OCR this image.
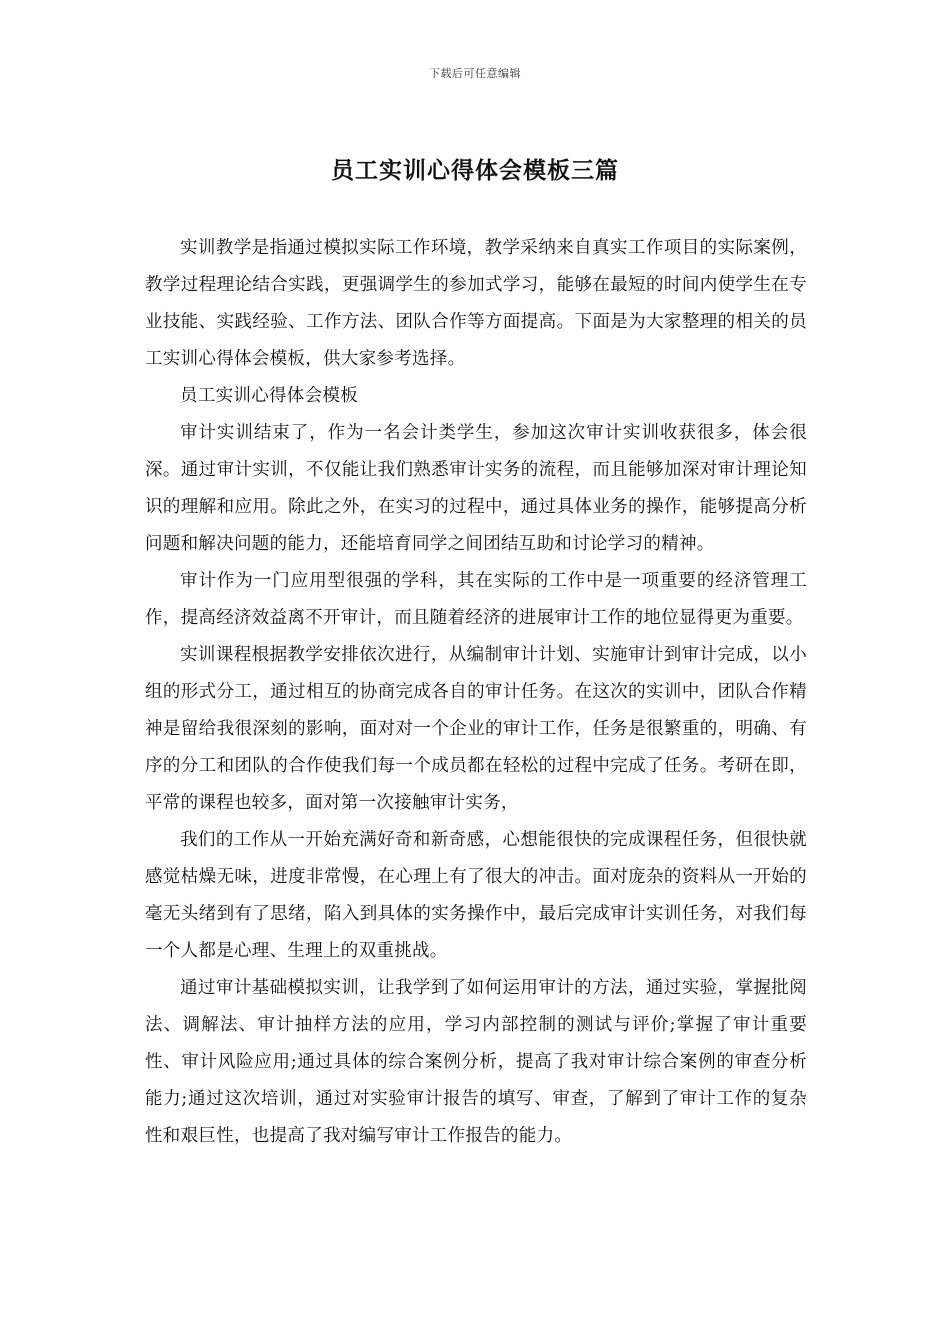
下载后可任意编辑
员工实训心得体会模板三篇

实训教学是指通过模拟实际工作环境，教学采纳来自真实工作项目的实际案例，教学过程理论结合实践，更强调学生的参加式学习，能够在最短的时间内使学生在专业技能、实践经验、工作方法、团队合作等方面提高。下面是为大家整理的相关的员工实训心得体会模板，供大家参考选择。

员工实训心得体会模板

审计实训结束了，作为一名会计类学生，参加这次审计实训收获很多，体会很深。通过审计实训，不仅能让我们熟悉审计实务的流程，而且能够加深对审计理论知识的理解和应用。除此之外，在实习的过程中，通过具体业务的操作，能够提高分析问题和解决问题的能力，还能培育同学之间团结互助和讨论学习的精神。

审计作为一门应用型很强的学科，其在实际的工作中是一项重要的经济管理工作，提高经济效益离不开审计，而且随着经济的进展审计工作的地位显得更为重要。

实训课程根据教学安排依次进行，从编制审计计划、实施审计到审计完成，以小组的形式分工，通过相互的协商完成各自的审计任务。在这次的实训中，团队合作精神是留给我很深刻的影响，面对对一个企业的审计工作，任务是很繁重的，明确、有序的分工和团队的合作使我们每一个成员都在轻松的过程中完成了任务。考研在即，平常的课程也较多，面对第一次接触审计实务，

我们的工作从一开始充满好奇和新奇感，心想能很快的完成课程任务，但很快就感觉枯燥无味，进度非常慢，在心理上有了很大的冲击。面对庞杂的资料从一开始的毫无头绪到有了思绪，陷入到具体的实务操作中，最后完成审计实训任务，对我们每一个人都是心理、生理上的双重挑战。

通过审计基础模拟实训，让我学到了如何运用审计的方法，通过实验，掌握批阅法、调解法、审计抽样方法的应用，学习内部控制的测试与评价;掌握了审计重要性、审计风险应用;通过具体的综合案例分析，提高了我对审计综合案例的审查分析能力;通过这次培训，通过对实验审计报告的填写、审查，了解到了审计工作的复杂性和艰巨性，也提高了我对编写审计工作报告的能力。
